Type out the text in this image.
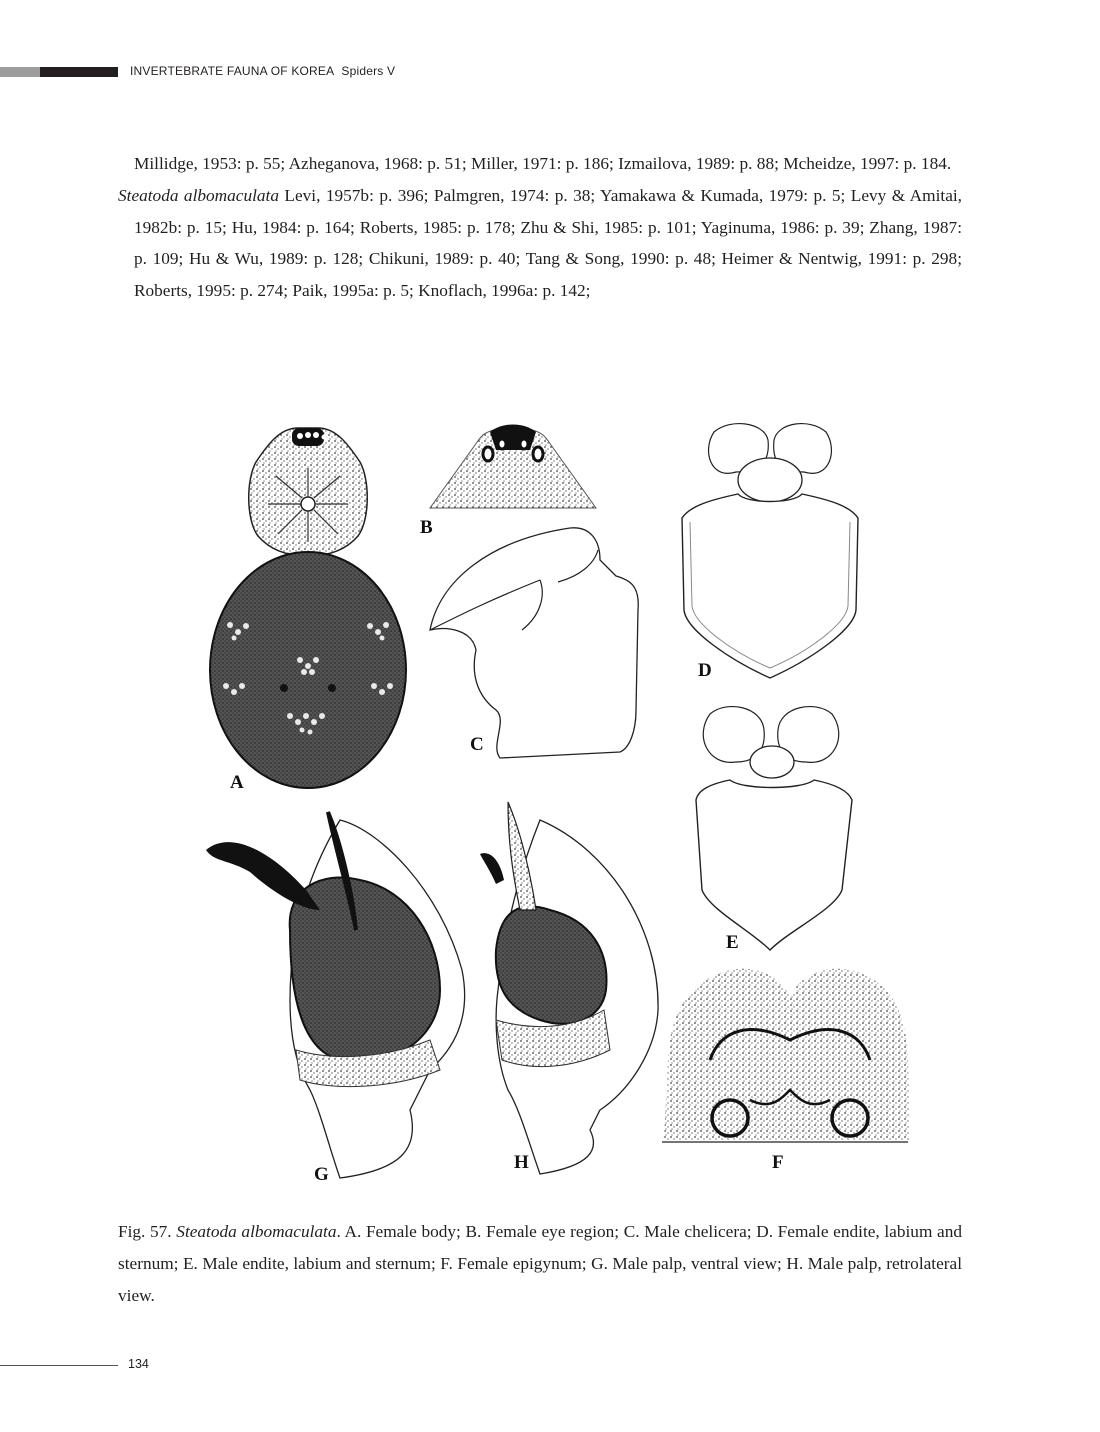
INVERTEBRATE FAUNA OF KOREA Spiders V

Millidge, 1953: p. 55; Azheganova, 1968: p. 51; Miller, 1971: p. 186; Izmailova, 1989: p. 88; Mcheidze, 1997: p. 184.

Steatoda albomaculata Levi, 1957b: p. 396; Palmgren, 1974: p. 38; Yamakawa & Kumada, 1979: p. 5; Levy & Amitai, 1982b: p. 15; Hu, 1984: p. 164; Roberts, 1985: p. 178; Zhu & Shi, 1985: p. 101; Yaginuma, 1986: p. 39; Zhang, 1987: p. 109; Hu & Wu, 1989: p. 128; Chikuni, 1989: p. 40; Tang & Song, 1990: p. 48; Heimer & Nentwig, 1991: p. 298; Roberts, 1995: p. 274; Paik, 1995a: p. 5; Knoflach, 1996a: p. 142;

A
B
C
D
E
G
H	F

Fig. 57. Steatoda albomaculata. A. Female body; B. Female eye region; C. Male chelicera; D. Female endite, labium and sternum; E. Male endite, labium and sternum; F. Female epigynum; G. Male palp, ventral view; H. Male palp, retrolateral view.

134
